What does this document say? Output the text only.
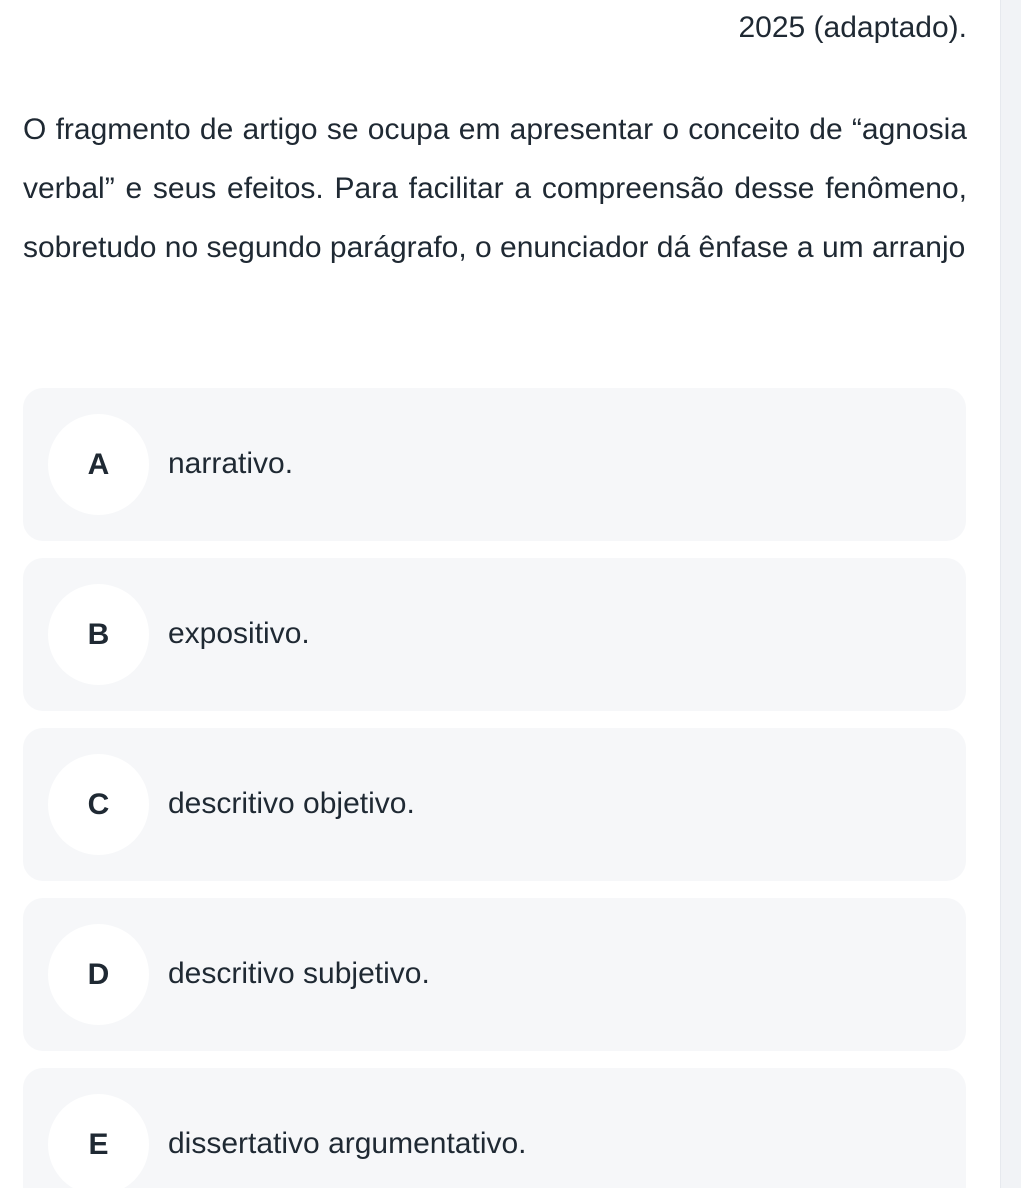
2025 (adaptado).
O fragmento de artigo se ocupa em apresentar o conceito de “agnosia verbal” e seus efeitos. Para facilitar a compreensão desse fenômeno, sobretudo no segundo parágrafo, o enunciador dá ênfase a um arranjo
A	narrativo.
B	expositivo.
C	descritivo objetivo.
D	descritivo subjetivo.
E	dissertativo argumentativo.
